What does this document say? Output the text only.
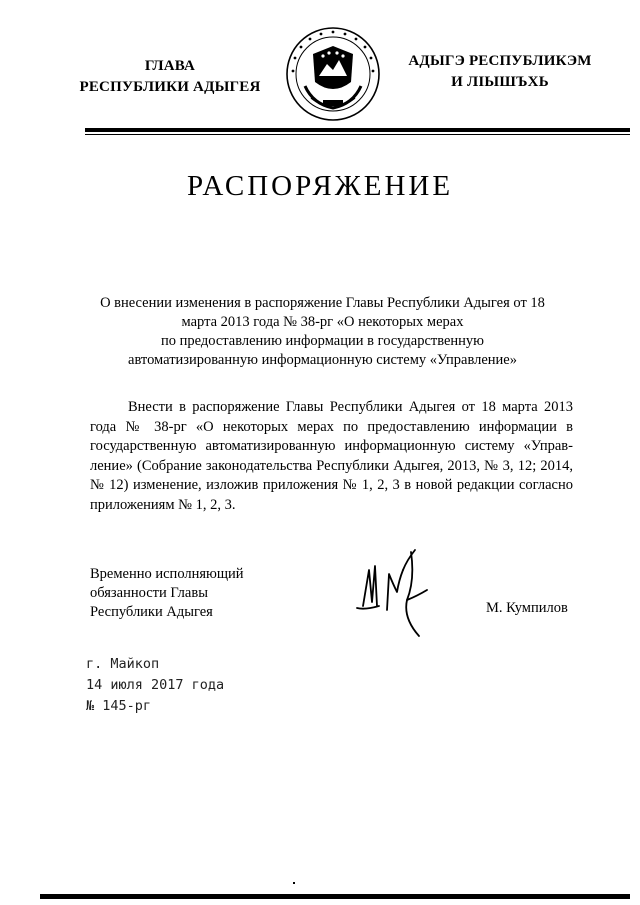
ГЛАВА
РЕСПУБЛИКИ АДЫГЕЯ
АДЫГЭ РЕСПУБЛИКЭМ
И ЛІЫШЪХЬ
РАСПОРЯЖЕНИЕ
О внесении изменения в распоряжение Главы Республики Адыгея от 18
марта 2013 года № 38-рг «О некоторых мерах
по предоставлению информации в государственную
автоматизированную информационную систему «Управление»
Внести в распоряжение Главы Республики Адыгея от 18 марта 2013 года № 38-рг «О некоторых мерах по предоставлению информации в государственную автоматизированную информационную систему «Управление» (Собрание законодательства Республики Адыгея, 2013, № 3, 12; 2014, № 12) изменение, изложив приложения № 1, 2, 3 в новой редакции согласно приложениям № 1, 2, 3.
Временно исполняющий
обязанности Главы
Республики Адыгея	М. Кумпилов
г. Майкоп
14 июля 2017 года
№ 145-рг
